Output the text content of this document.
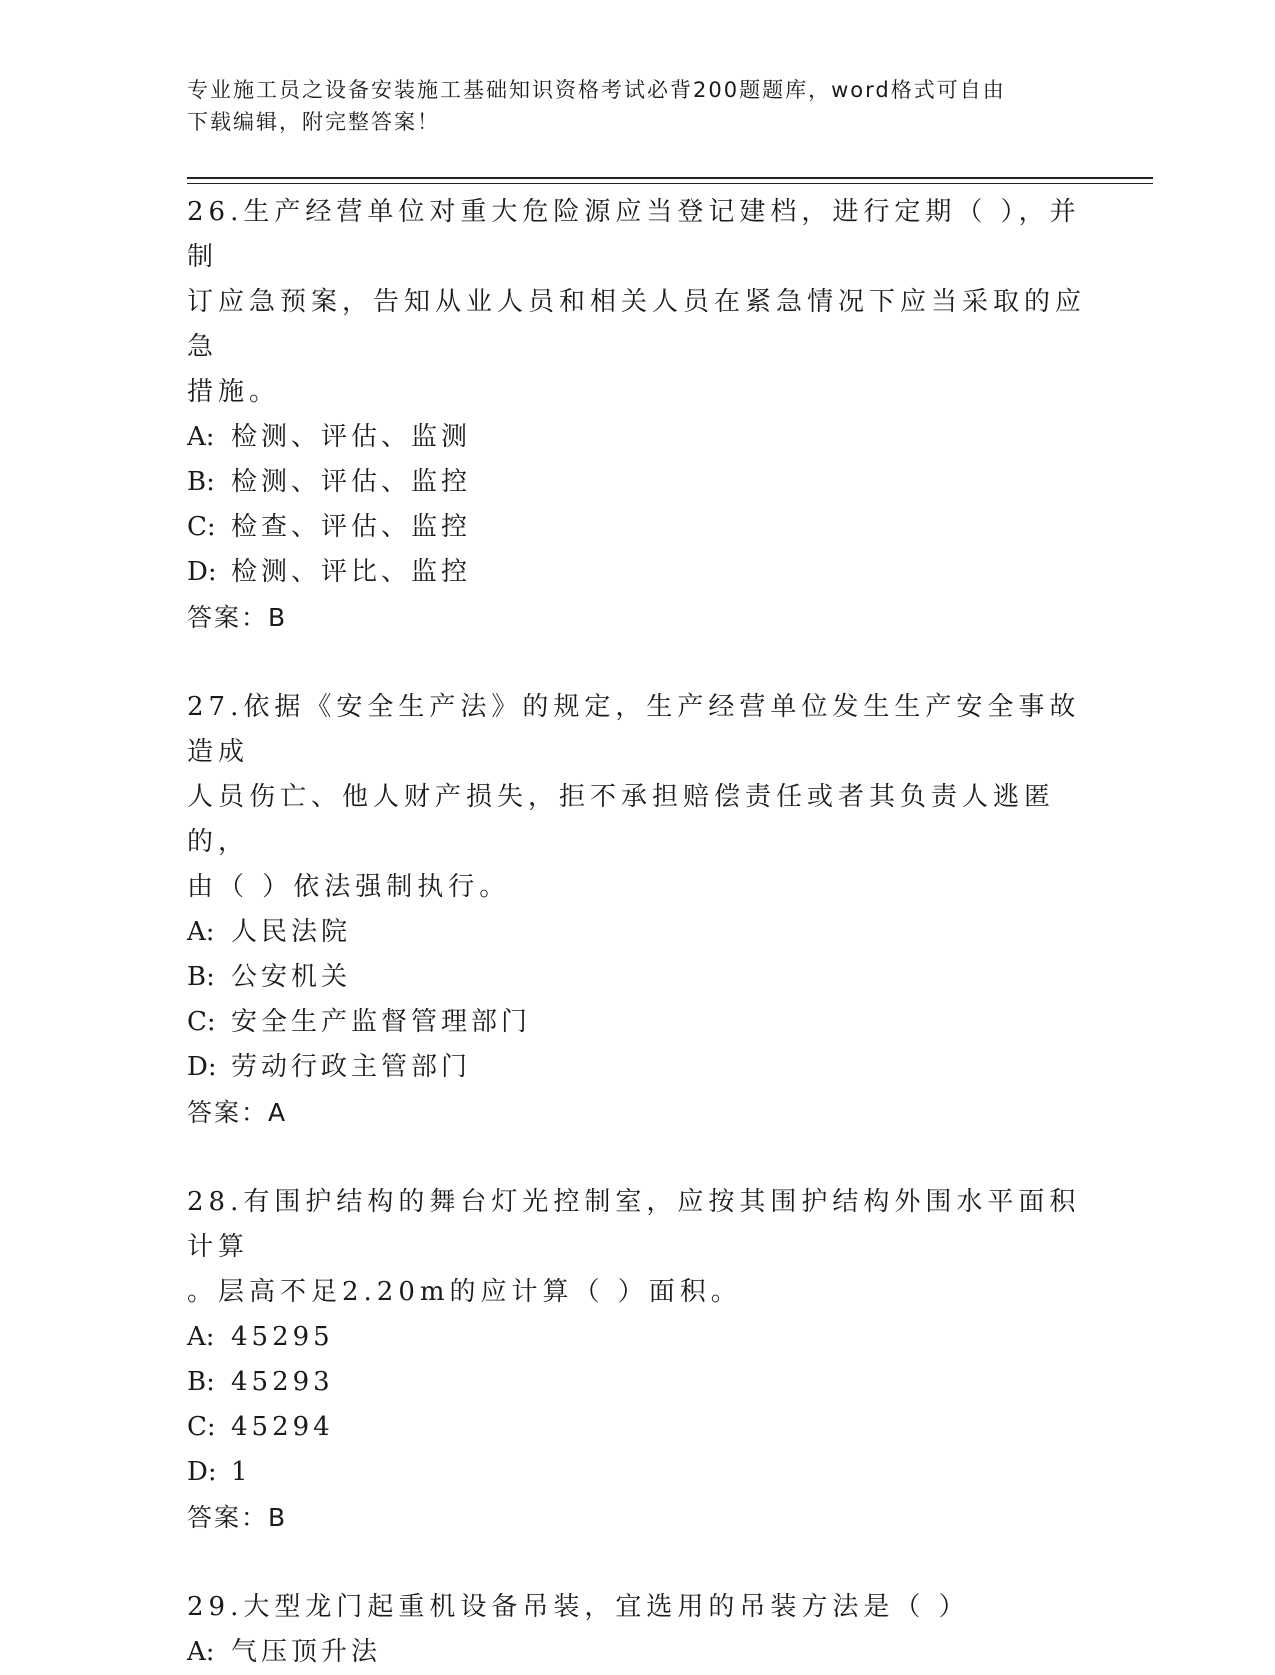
专业施工员之设备安装施工基础知识资格考试必背200题题库，word格式可自由
下载编辑，附完整答案！

26.生产经营单位对重大危险源应当登记建档，进行定期（ ），并制

订应急预案，告知从业人员和相关人员在紧急情况下应当采取的应急

措施。

A: 检测、评估、监测

B: 检测、评估、监控

C: 检查、评估、监控

D: 检测、评比、监控

答案：B

27.依据《安全生产法》的规定，生产经营单位发生生产安全事故造成

人员伤亡、他人财产损失，拒不承担赔偿责任或者其负责人逃匿的，

由（ ）依法强制执行。

A: 人民法院

B: 公安机关

C: 安全生产监督管理部门

D: 劳动行政主管部门

答案：A

28.有围护结构的舞台灯光控制室，应按其围护结构外围水平面积计算

。层高不足2.20m的应计算（ ）面积。

A: 45295

B: 45293

C: 45294

D: 1

答案：B

29.大型龙门起重机设备吊装，宜选用的吊装方法是（ ）

A: 气压顶升法
